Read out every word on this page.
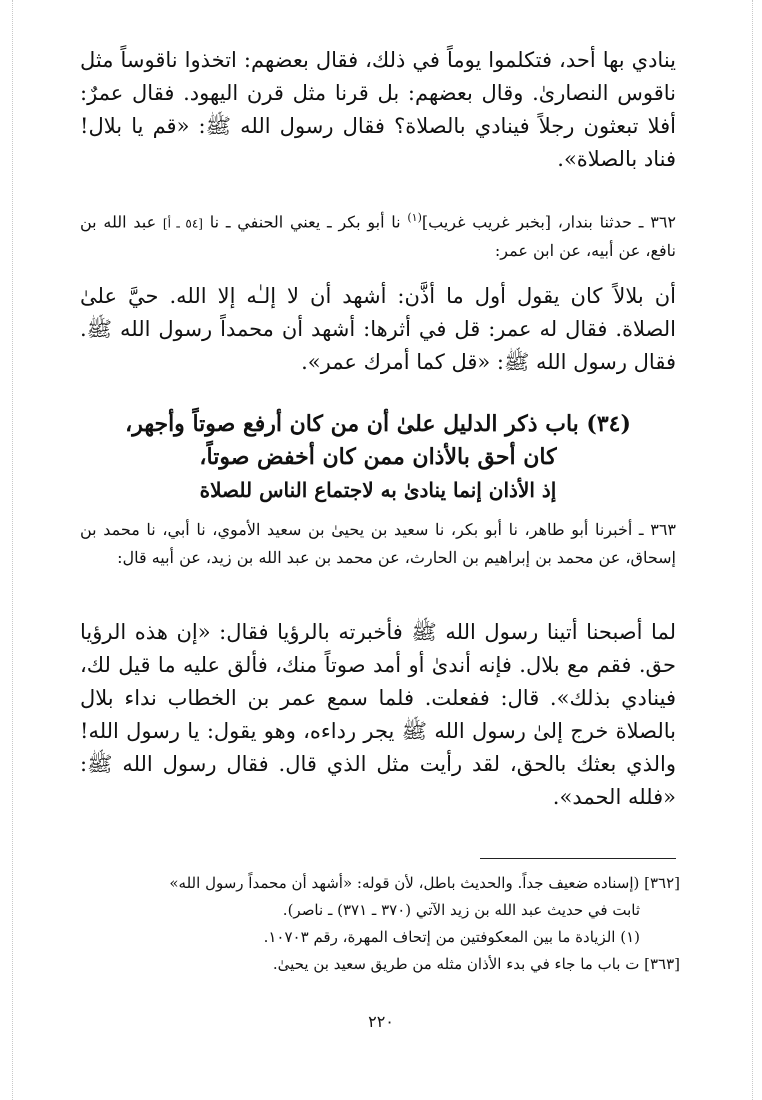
ينادي بها أحد، فتكلموا يوماً في ذلك، فقال بعضهم: اتخذوا ناقوساً مثل ناقوس النصارىٰ. وقال بعضهم: بل قرنا مثل قرن اليهود. فقال عمرٌ: أفلا تبعثون رجلاً فينادي بالصلاة؟ فقال رسول الله ﷺ: «قم يا بلال! فناد بالصلاة».

٣٦٢ ـ حدثنا بندار، [بخبر غريب غريب]$^{(١)}$ نا أبو بكر ـ يعني الحنفي ـ نا [٥٤ ـ أ] عبد الله بن نافع، عن أبيه، عن ابن عمر:

أن بلالاً كان يقول أول ما أذَّن: أشهد أن لا إلـٰه إلا الله. حيَّ علىٰ الصلاة. فقال له عمر: قل في أثرها: أشهد أن محمداً رسول الله ﷺ. فقال رسول الله ﷺ: «قل كما أمرك عمر».

(٣٤) باب ذكر الدليل علىٰ أن من كان أرفع صوتاً وأجهر،
كان أحق بالأذان ممن كان أخفض صوتاً،
إذ الأذان إنما ينادىٰ به لاجتماع الناس للصلاة

٣٦٣ ـ أخبرنا أبو طاهر، نا أبو بكر، نا سعيد بن يحيىٰ بن سعيد الأموي، نا أبي، نا محمد بن إسحاق، عن محمد بن إبراهيم بن الحارث، عن محمد بن عبد الله بن زيد، عن أبيه قال:

لما أصبحنا أتينا رسول الله ﷺ فأخبرته بالرؤيا فقال: «إن هذه الرؤيا حق. فقم مع بلال. فإنه أندىٰ أو أمد صوتاً منك، فألق عليه ما قيل لك، فينادي بذلك». قال: ففعلت. فلما سمع عمر بن الخطاب نداء بلال بالصلاة خرج إلىٰ رسول الله ﷺ يجر رداءه، وهو يقول: يا رسول الله! والذي بعثك بالحق، لقد رأيت مثل الذي قال. فقال رسول الله ﷺ: «فلله الحمد».

[٣٦٢] (إسناده ضعيف جداً. والحديث باطل، لأن قوله: «أشهد أن محمداً رسول الله»
ثابت في حديث عبد الله بن زيد الآتي (٣٧٠ ـ ٣٧١) ـ ناصر).
(١) الزيادة ما بين المعكوفتين من إتحاف المهرة، رقم ١٠٧٠٣.
[٣٦٣] ت باب ما جاء في بدء الأذان مثله من طريق سعيد بن يحيىٰ.
٢٢٠
